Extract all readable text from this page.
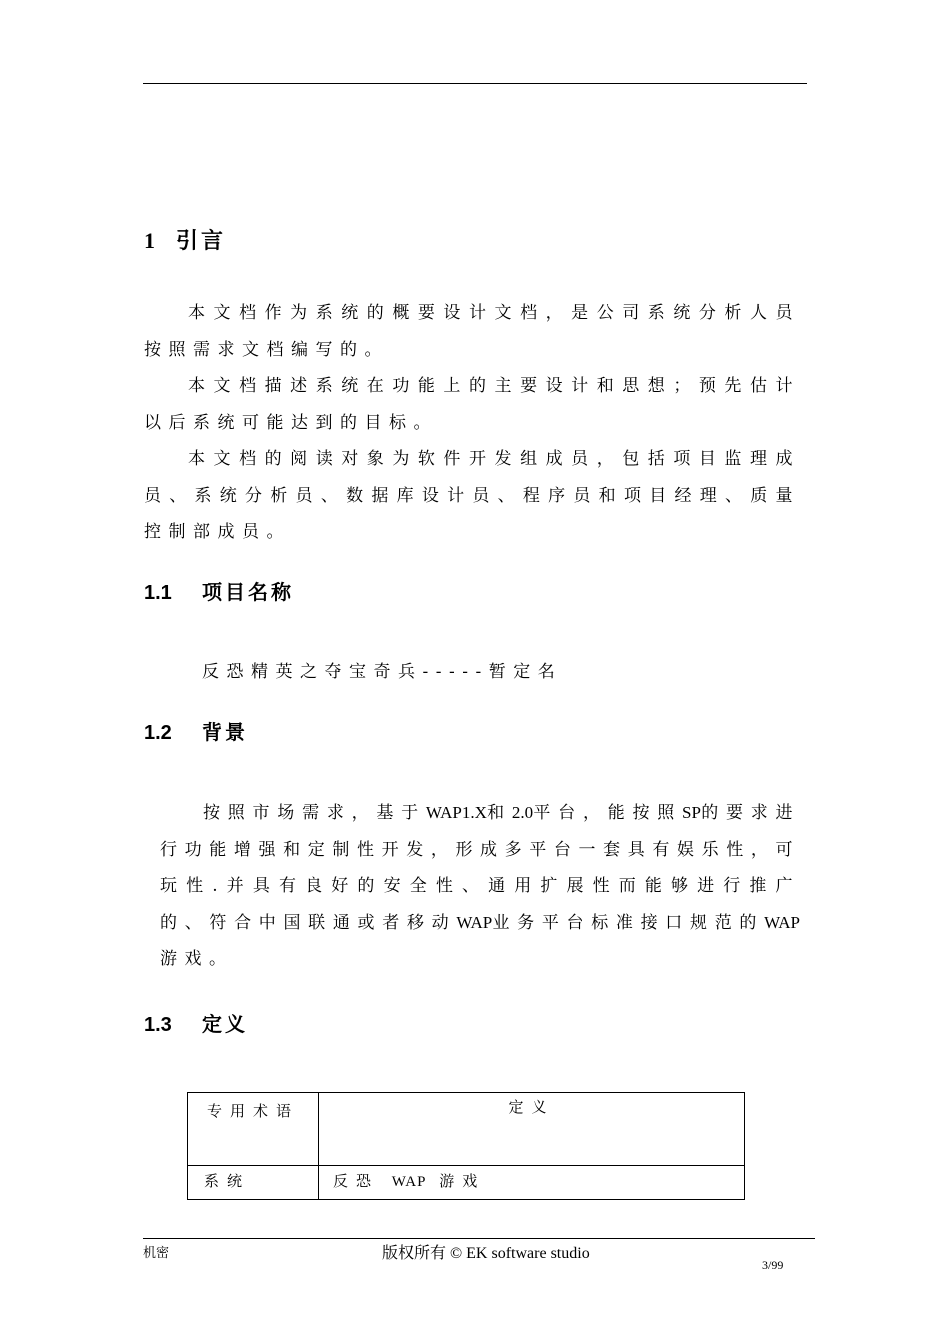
1 引言
本文档作为系统的概要设计文档，是公司系统分析人员按照需求文档编写的。
本文档描述系统在功能上的主要设计和思想；预先估计以后系统可能达到的目标。
本文档的阅读对象为软件开发组成员，包括项目监理成员、系统分析员、数据库设计员、程序员和项目经理、质量控制部成员。
1.1 项目名称
反恐精英之夺宝奇兵-----暂定名
1.2 背景
按照市场需求，基于WAP1.X和2.0平台，能按照SP的要求进行功能增强和定制性开发，形成多平台一套具有娱乐性，可玩性.并具有良好的安全性、通用扩展性而能够进行推广的、符合中国联通或者移动WAP业务平台标准接口规范的WAP游戏。
1.3 定义
专用术语	定义
系统	反恐 WAP 游戏
机密	版权所有 © EK software studio
3/99
